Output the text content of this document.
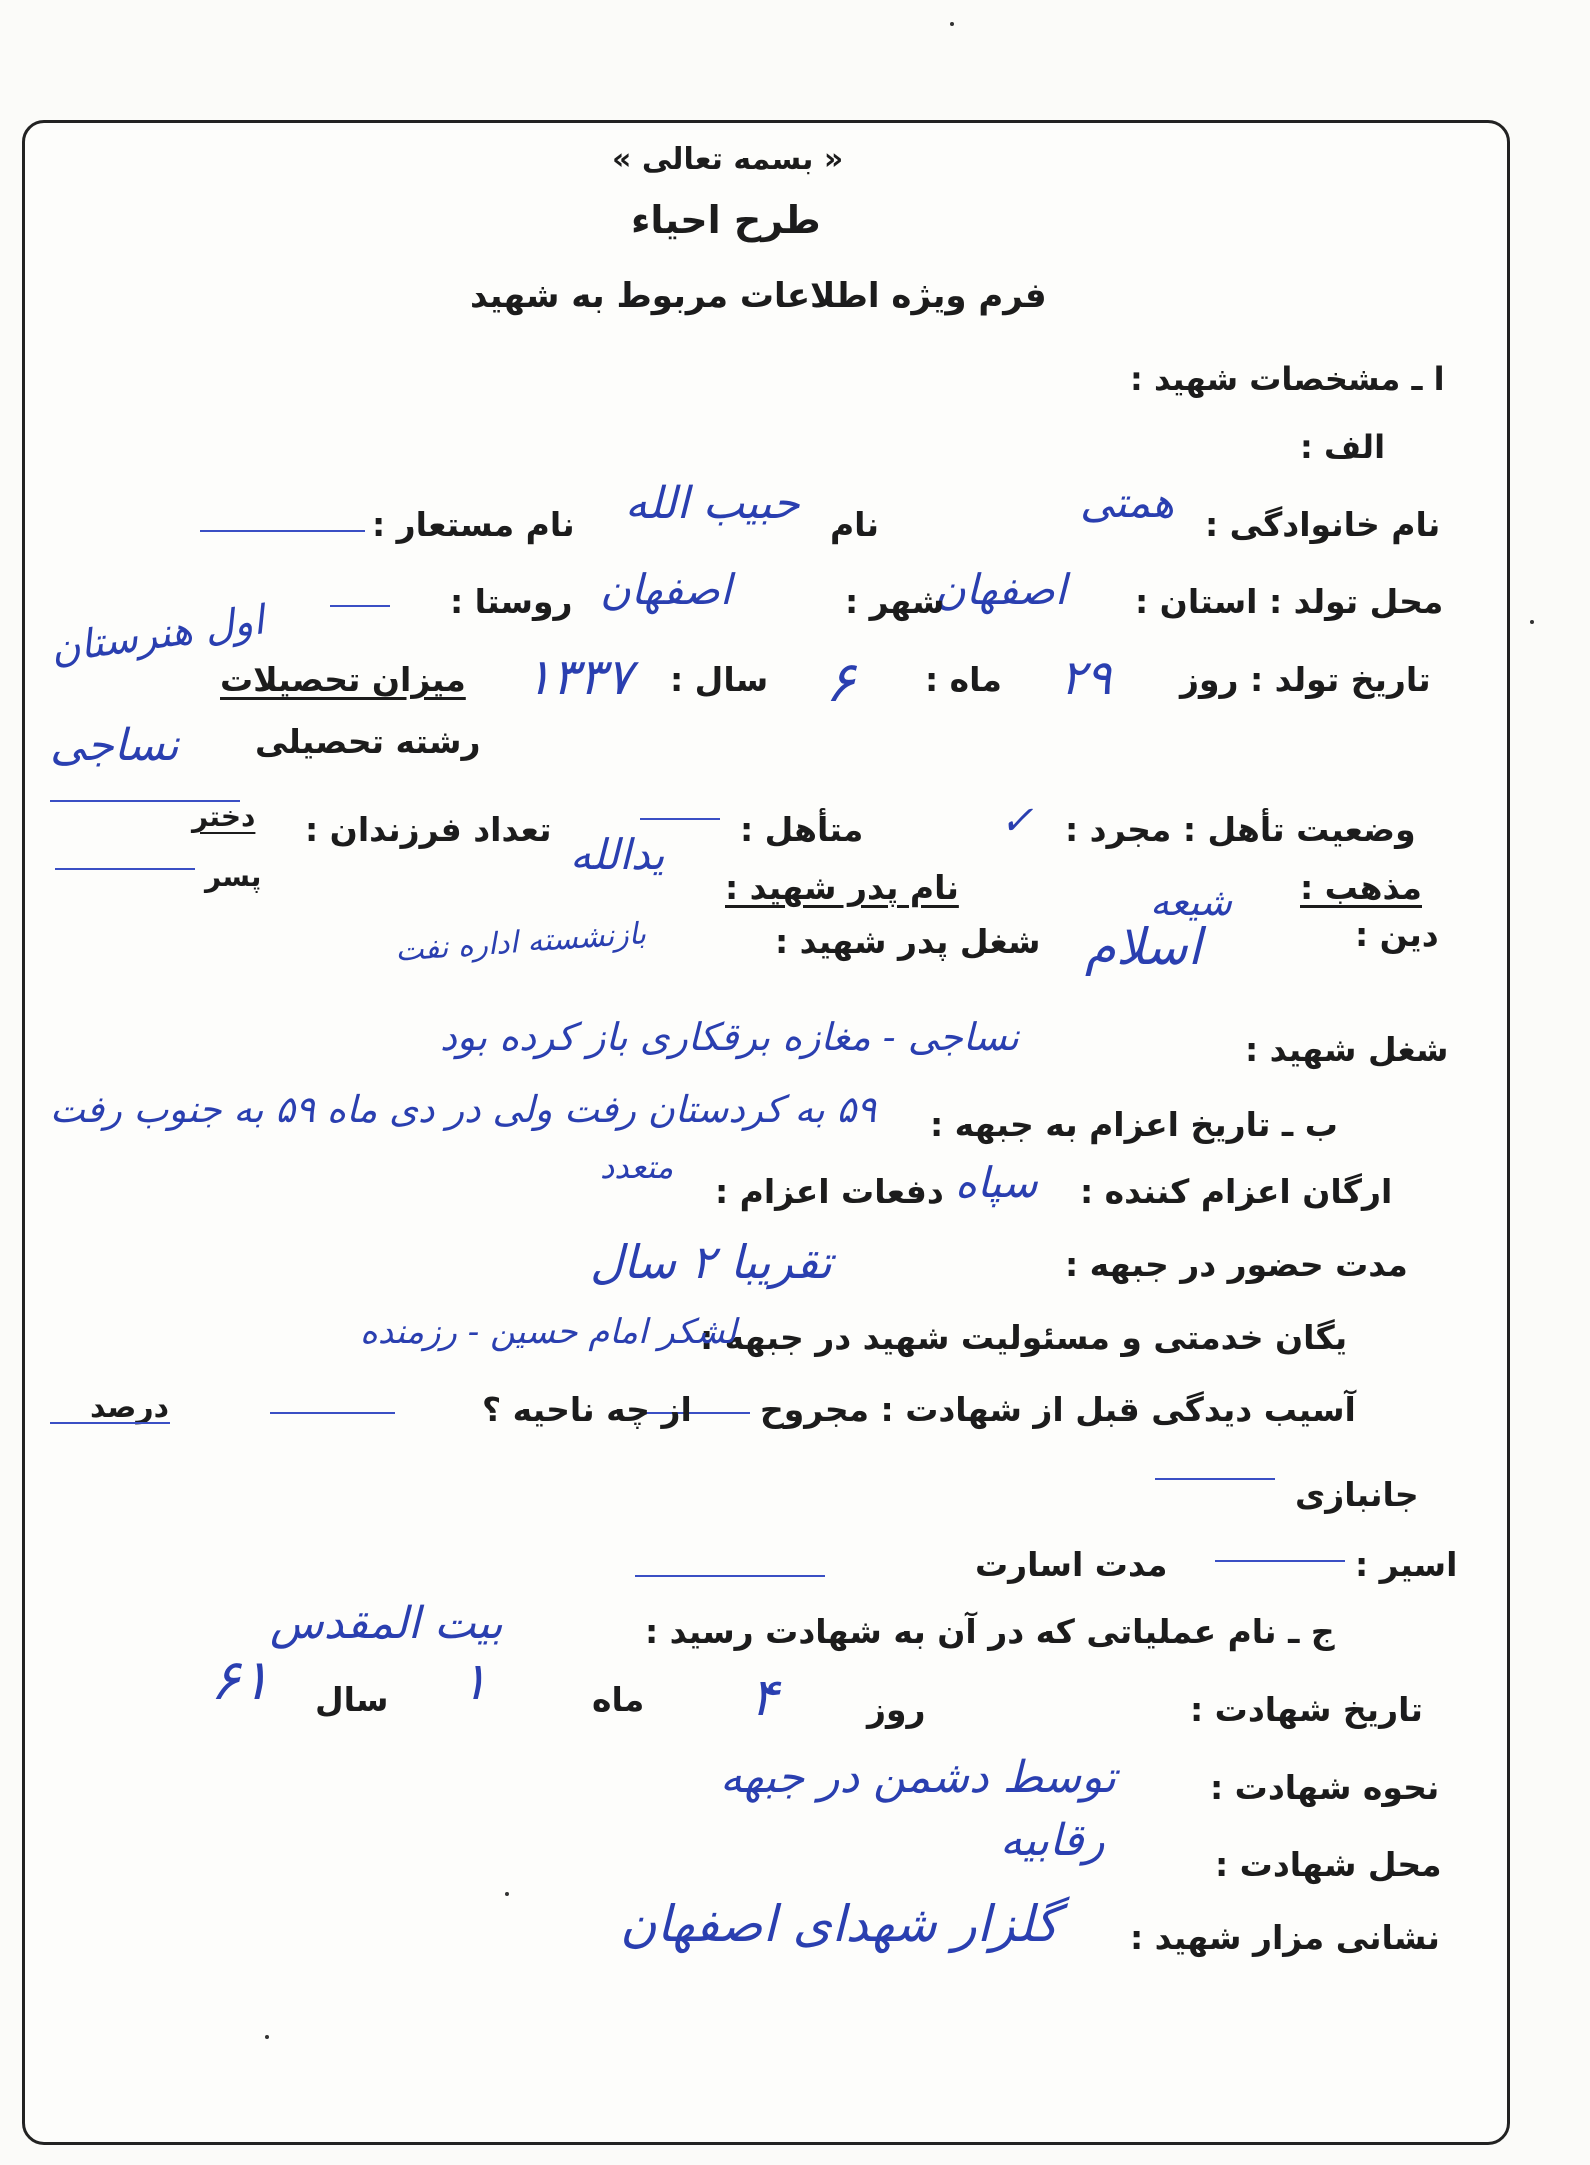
« بسمه تعالی »
طرح احیاء
فرم ویژه اطلاعات مربوط به شهید
ا ـ مشخصات شهید :
الف :
نام خانوادگی :
همتی
نام
حبیب الله
نام مستعار :
محل تولد : استان :
اصفهان
شهر :
اصفهان
روستا :
تاریخ تولد : روز
۲۹
ماه :
۶
سال :
۱۳۳۷
میزان تحصیلات
اول هنرستان
رشته تحصیلی
نساجی
وضعیت تأهل : مجرد :
✓
متأهل :
تعداد فرزندان :
دختر
پسر	مذهب :
شیعه
نام پدر شهید :
یدالله
دین :
اسلام
شغل پدر شهید :
بازنشسته اداره نفت
شغل شهید :
نساجی - مغازه برقکاری باز کرده بود
ب ـ تاریخ اعزام به جبهه :
۵۹ به کردستان رفت ولی در دی ماه ۵۹ به جنوب رفت
ارگان اعزام کننده :
سپاه
دفعات اعزام :
متعدد
مدت حضور در جبهه :
تقریبا ۲ سال
یگان خدمتی و مسئولیت شهید در جبهه :
لشکر امام حسین - رزمنده
آسیب دیدگی قبل از شهادت : مجروح
از چه ناحیه ؟
درصد
جانبازی
اسیر :
مدت اسارت
ج ـ نام عملیاتی که در آن به شهادت رسید :
بیت المقدس
تاریخ شهادت :
۴	روز
ماه
۱
سال
۶۱
نحوه شهادت :
توسط دشمن در جبهه
محل شهادت :
رقابیه
نشانی مزار شهید :
گلزار شهدای اصفهان
